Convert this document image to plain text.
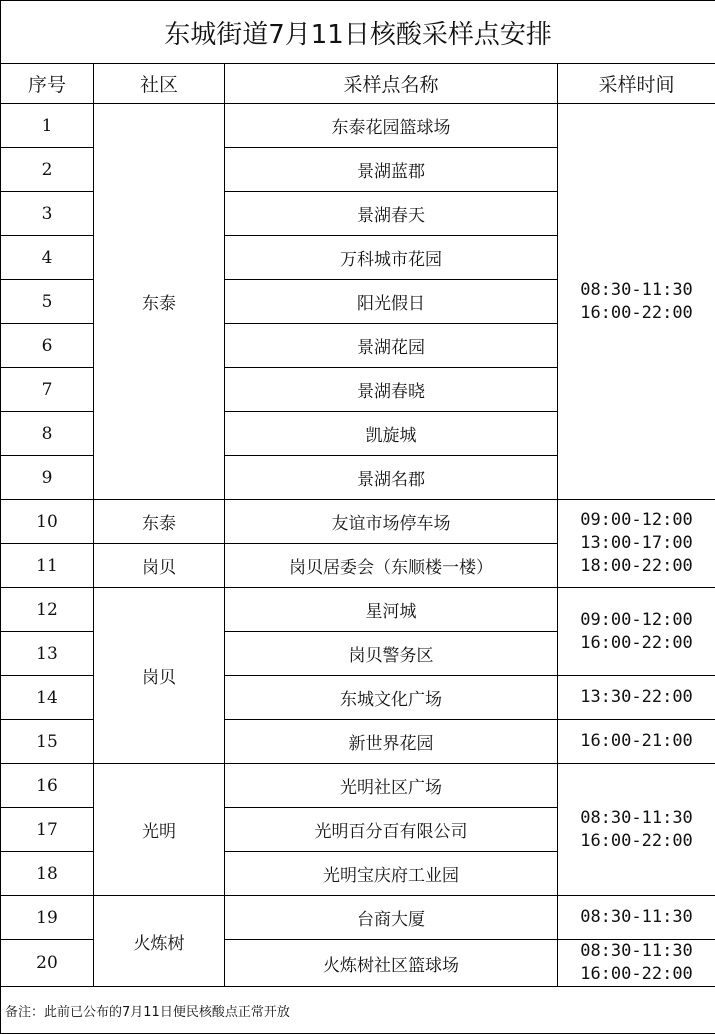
东城街道7月11日核酸采样点安排			
序号	社区	采样点名称	采样时间
1	东泰	东泰花园篮球场	08:30-11:30
16:00-22:00
2		景湖蓝郡	
3		景湖春天	
4		万科城市花园	
5		阳光假日	
6		景湖花园	
7		景湖春晓	
8		凯旋城	
9		景湖名郡	
10	东泰	友谊市场停车场	09:00-12:00
13:00-17:00
18:00-22:00
11	岗贝	岗贝居委会（东顺楼一楼）	
12	岗贝	星河城	09:00-12:00
16:00-22:00
13		岗贝警务区	
14		东城文化广场	13:30-22:00
15		新世界花园	16:00-21:00
16	光明	光明社区广场	08:30-11:30
16:00-22:00
17		光明百分百有限公司	
18		光明宝庆府工业园	
19	火炼树	台商大厦	08:30-11:30
20		火炼树社区篮球场	08:30-11:30
16:00-22:00
备注：此前已公布的7月11日便民核酸点正常开放			
